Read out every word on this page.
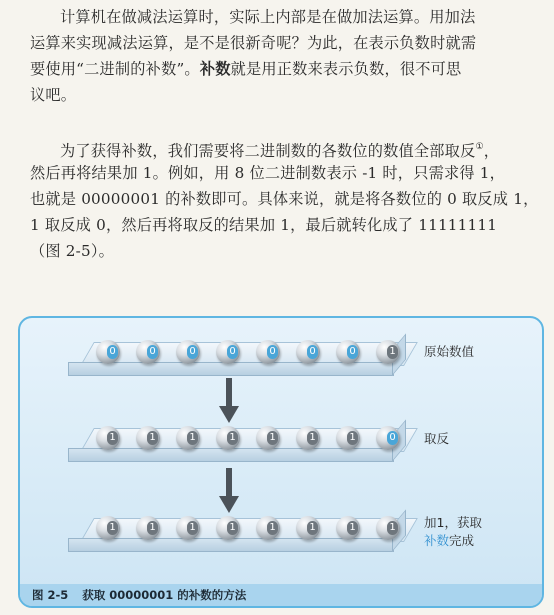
计算机在做减法运算时，实际上内部是在做加法运算。用加法
运算来实现减法运算，是不是很新奇呢？为此，在表示负数时就需
要使用“二进制的补数”。补数就是用正数来表示负数，很不可思
议吧。
为了获得补数，我们需要将二进制数的各数位的数值全部取反①，
然后再将结果加 1。例如，用 8 位二进制数表示 -1 时，只需求得 1，
也就是 00000001 的补数即可。具体来说，就是将各数位的 0 取反成 1，
1 取反成 0，然后再将取反的结果加 1，最后就转化成了 11111111
（图 2-5）。
原始数值
取反
加1，获取
补数完成
图 2-5 获取 00000001 的补数的方法
0	0	0	0	0	0	0	1
1	1	1	1	1	1	1	0
1	1	1	1	1	1	1	1
